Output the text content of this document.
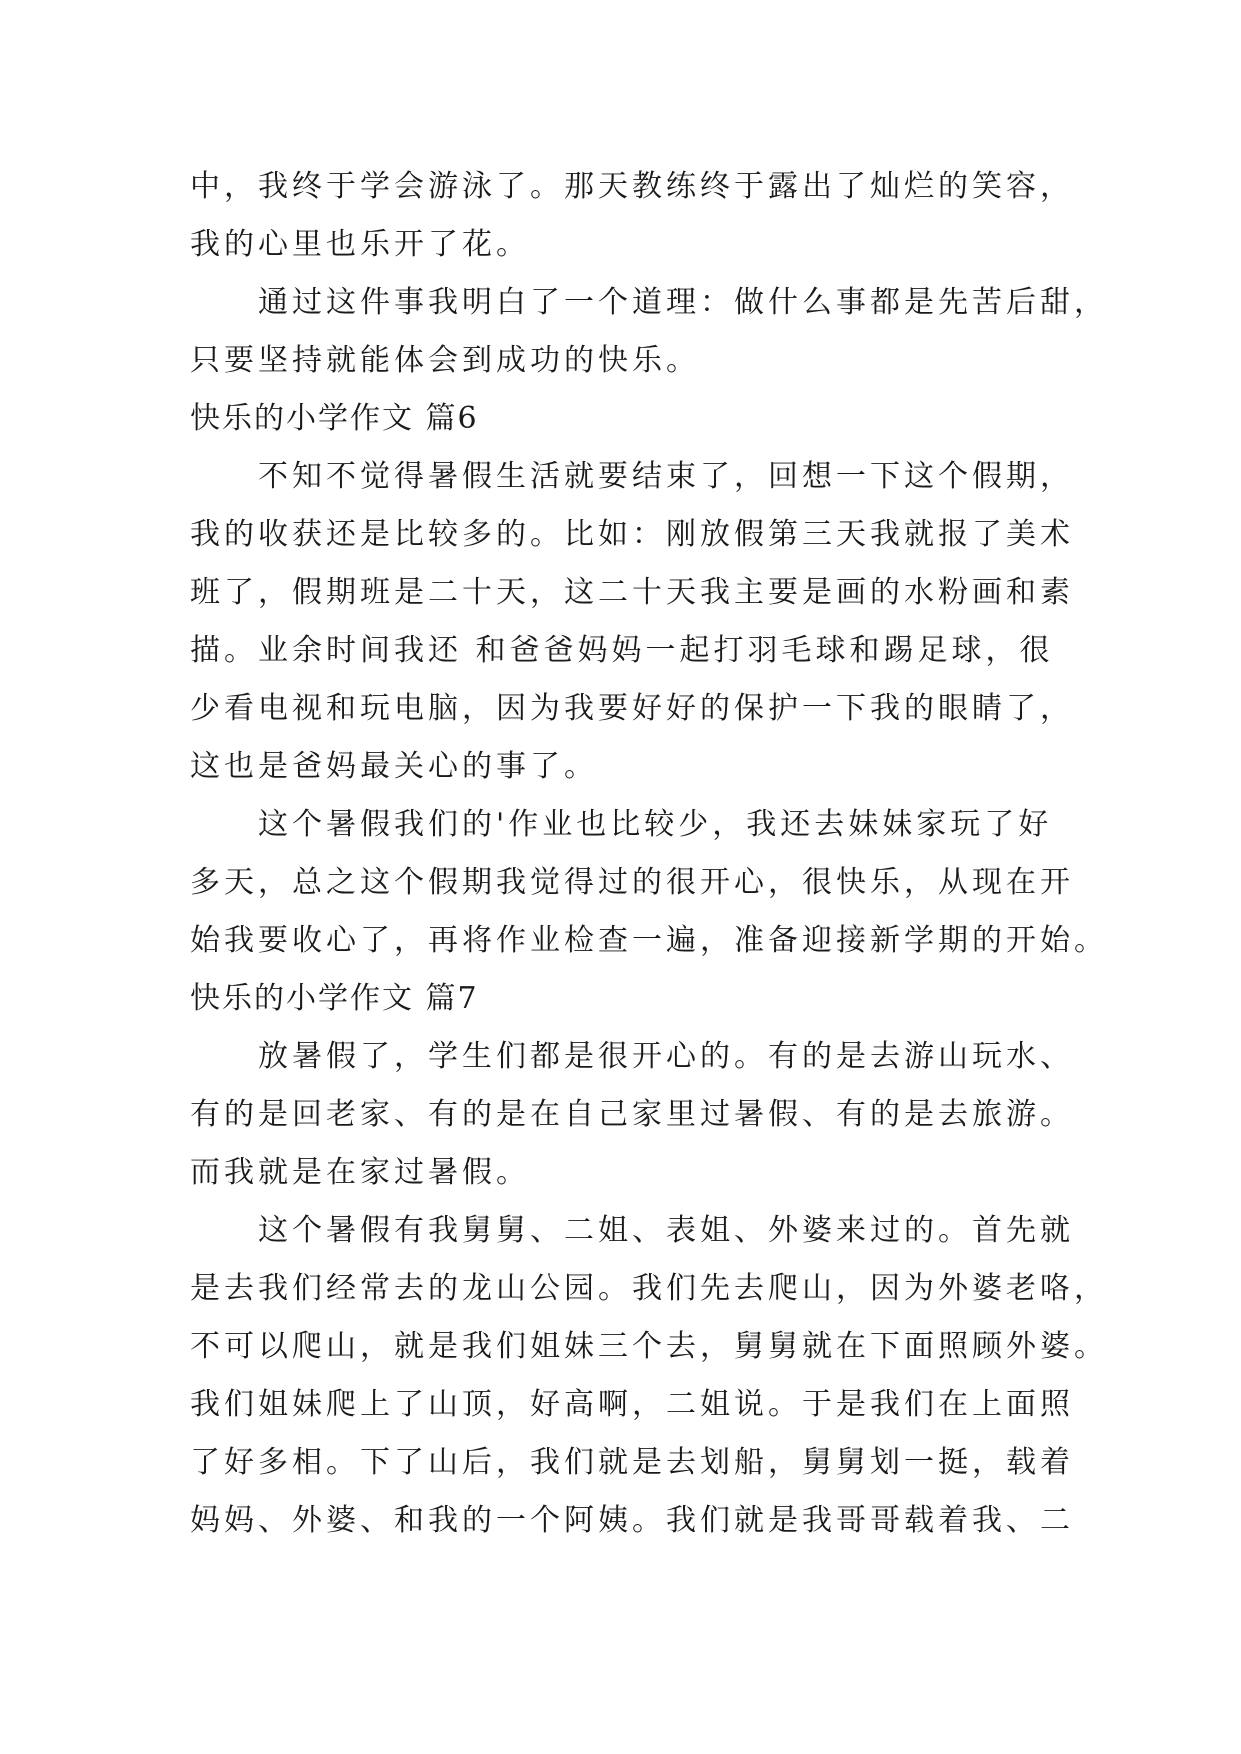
中，我终于学会游泳了。那天教练终于露出了灿烂的笑容，
我的心里也乐开了花。

通过这件事我明白了一个道理：做什么事都是先苦后甜，
只要坚持就能体会到成功的快乐。

快乐的小学作文 篇6

不知不觉得暑假生活就要结束了，回想一下这个假期，
我的收获还是比较多的。比如：刚放假第三天我就报了美术
班了，假期班是二十天，这二十天我主要是画的水粉画和素
描。业余时间我还 和爸爸妈妈一起打羽毛球和踢足球，很
少看电视和玩电脑，因为我要好好的保护一下我的眼睛了，
这也是爸妈最关心的事了。

这个暑假我们的'作业也比较少，我还去妹妹家玩了好
多天，总之这个假期我觉得过的很开心，很快乐，从现在开
始我要收心了，再将作业检查一遍，准备迎接新学期的开始。

快乐的小学作文 篇7

放暑假了，学生们都是很开心的。有的是去游山玩水、
有的是回老家、有的是在自己家里过暑假、有的是去旅游。
而我就是在家过暑假。

这个暑假有我舅舅、二姐、表姐、外婆来过的。首先就
是去我们经常去的龙山公园。我们先去爬山，因为外婆老咯，
不可以爬山，就是我们姐妹三个去，舅舅就在下面照顾外婆。
我们姐妹爬上了山顶，好高啊，二姐说。于是我们在上面照
了好多相。下了山后，我们就是去划船，舅舅划一挺，载着
妈妈、外婆、和我的一个阿姨。我们就是我哥哥载着我、二
